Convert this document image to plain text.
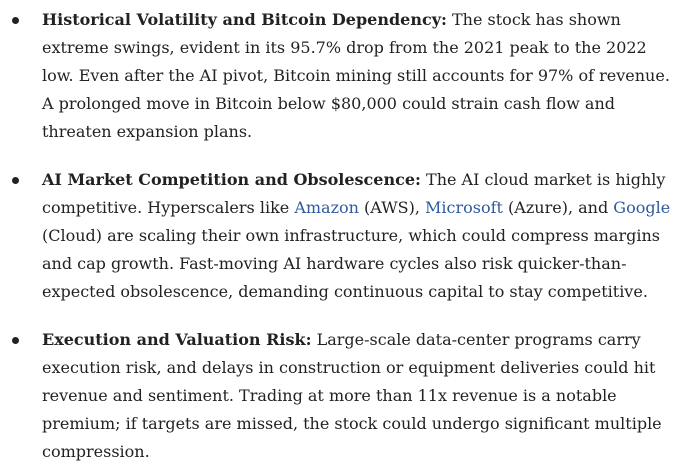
Historical Volatility and Bitcoin Dependency: The stock has shown extreme swings, evident in its 95.7% drop from the 2021 peak to the 2022 low. Even after the AI pivot, Bitcoin mining still accounts for 97% of revenue. A prolonged move in Bitcoin below $80,000 could strain cash flow and threaten expansion plans.
AI Market Competition and Obsolescence: The AI cloud market is highly competitive. Hyperscalers like Amazon (AWS), Microsoft (Azure), and Google (Cloud) are scaling their own infrastructure, which could compress margins and cap growth. Fast-moving AI hardware cycles also risk quicker-than-expected obsolescence, demanding continuous capital to stay competitive.
Execution and Valuation Risk: Large-scale data-center programs carry execution risk, and delays in construction or equipment deliveries could hit revenue and sentiment. Trading at more than 11x revenue is a notable premium; if targets are missed, the stock could undergo significant multiple compression.
